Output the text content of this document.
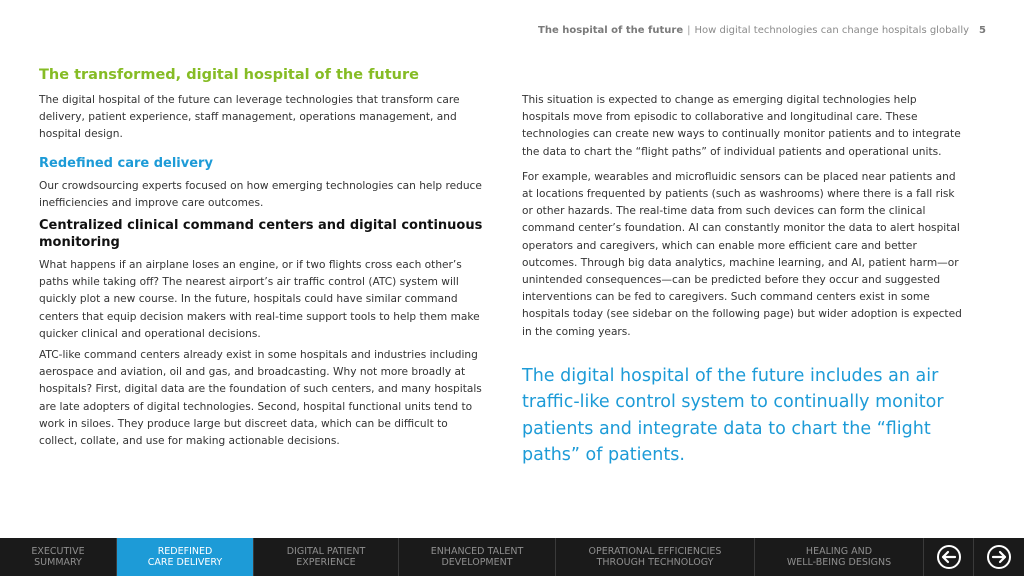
The hospital of the future | How digital technologies can change hospitals globally 5
The transformed, digital hospital of the future

The digital hospital of the future can leverage technologies that transform care delivery, patient experience, staff management, operations management, and hospital design.

Redefined care delivery

Our crowdsourcing experts focused on how emerging technologies can help reduce inefficiencies and improve care outcomes.

Centralized clinical command centers and digital continuous monitoring

What happens if an airplane loses an engine, or if two flights cross each other’s paths while taking off? The nearest airport’s air traffic control (ATC) system will quickly plot a new course. In the future, hospitals could have similar command centers that equip decision makers with real-time support tools to help them make quicker clinical and operational decisions.

ATC-like command centers already exist in some hospitals and industries including aerospace and aviation, oil and gas, and broadcasting. Why not more broadly at hospitals? First, digital data are the foundation of such centers, and many hospitals are late adopters of digital technologies. Second, hospital functional units tend to work in siloes. They produce large but discreet data, which can be difficult to collect, collate, and use for making actionable decisions.

This situation is expected to change as emerging digital technologies help hospitals move from episodic to collaborative and longitudinal care. These technologies can create new ways to continually monitor patients and to integrate the data to chart the “flight paths” of individual patients and operational units.

For example, wearables and microfluidic sensors can be placed near patients and at locations frequented by patients (such as washrooms) where there is a fall risk or other hazards. The real-time data from such devices can form the clinical command center’s foundation. AI can constantly monitor the data to alert hospital operators and caregivers, which can enable more efficient care and better outcomes. Through big data analytics, machine learning, and AI, patient harm—or unintended consequences—can be predicted before they occur and suggested interventions can be fed to caregivers. Such command centers exist in some hospitals today (see sidebar on the following page) but wider adoption is expected in the coming years.

The digital hospital of the future includes an air traffic-like control system to continually monitor patients and integrate data to chart the “flight paths” of patients.

EXECUTIVE
SUMMARY
REDEFINED
CARE DELIVERY
DIGITAL PATIENT
EXPERIENCE
ENHANCED TALENT
DEVELOPMENT
OPERATIONAL EFFICIENCIES
THROUGH TECHNOLOGY
HEALING AND
WELL-BEING DESIGNS
